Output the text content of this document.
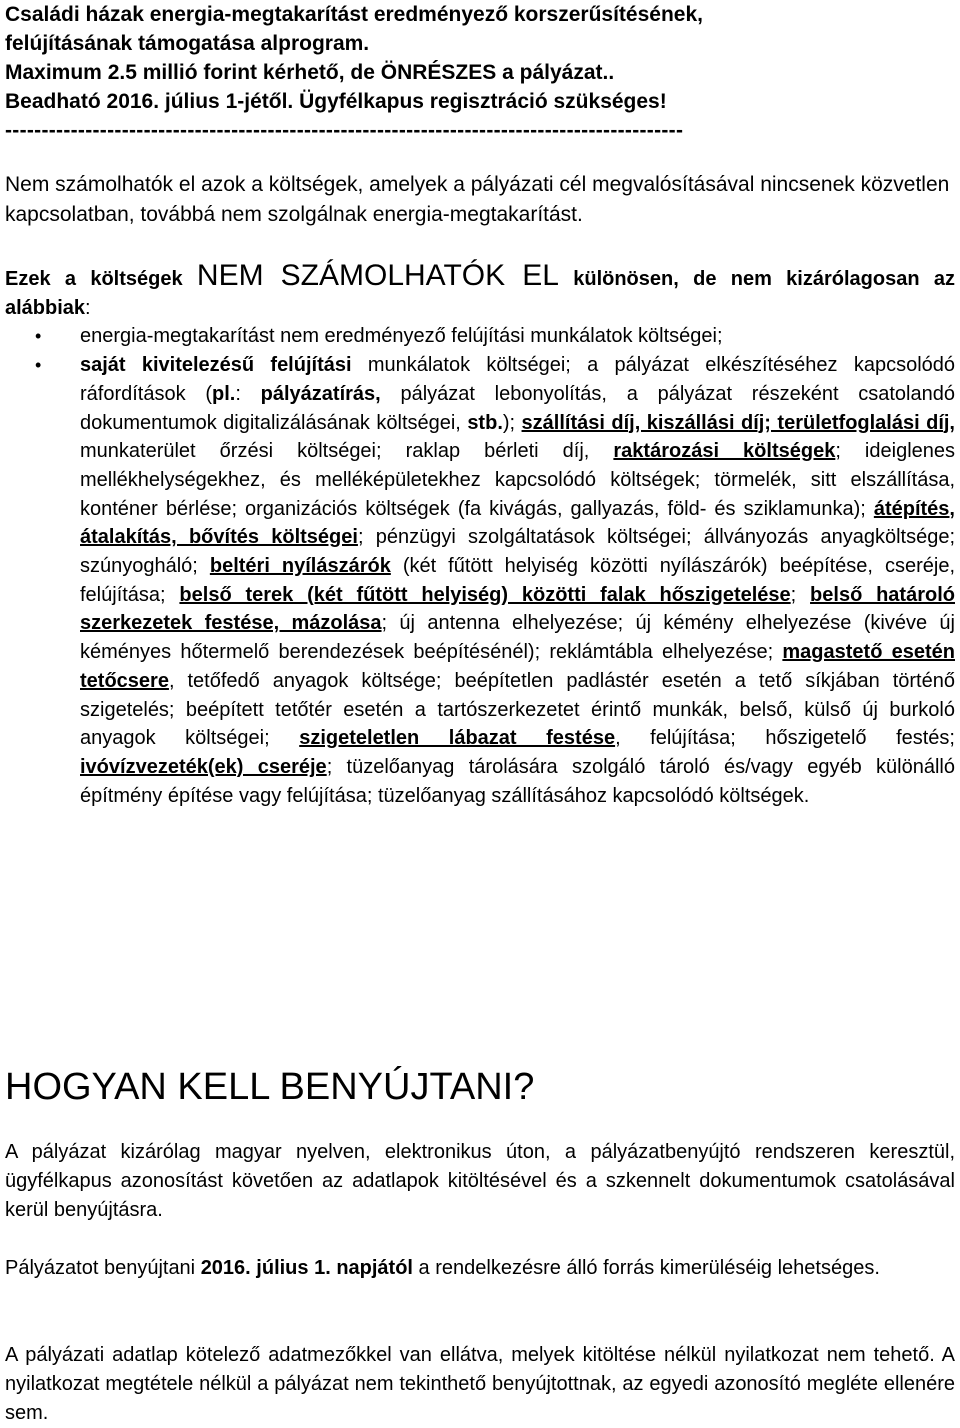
Családi házak energia-megtakarítást eredményező korszerűsítésének,
felújításának támogatása alprogram.
Maximum 2.5 millió forint kérhető, de ÖNRÉSZES a pályázat..
Beadható 2016. július 1-jétől. Ügyfélkapus regisztráció szükséges!
---------------------------------------------------------------------------------------------

Nem számolhatók el azok a költségek, amelyek a pályázati cél megvalósításával nincsenek közvetlen kapcsolatban, továbbá nem szolgálnak energia-megtakarítást.

Ezek a költségek NEM SZÁMOLHATÓK EL különösen, de nem kizárólagosan az alábbiak:

• energia-megtakarítást nem eredményező felújítási munkálatok költségei;
• saját kivitelezésű felújítási munkálatok költségei; a pályázat elkészítéséhez kapcsolódó ráfordítások (pl.: pályázatírás, pályázat lebonyolítás, a pályázat részeként csatolandó dokumentumok digitalizálásának költségei, stb.); szállítási díj, kiszállási díj; területfoglalási díj, munkaterület őrzési költségei; raklap bérleti díj, raktározási költségek; ideiglenes mellékhelységekhez, és melléképületekhez kapcsolódó költségek; törmelék, sitt elszállítása, konténer bérlése; organizációs költségek (fa kivágás, gallyazás, föld- és sziklamunka); átépítés, átalakítás, bővítés költségei; pénzügyi szolgáltatások költségei; állványozás anyagköltsége; szúnyogháló; beltéri nyílászárók (két fűtött helyiség közötti nyílászárók) beépítése, cseréje, felújítása; belső terek (két fűtött helyiség) közötti falak hőszigetelése; belső határoló szerkezetek festése, mázolása; új antenna elhelyezése; új kémény elhelyezése (kivéve új kéményes hőtermelő berendezések beépítésénél); reklámtábla elhelyezése; magastető esetén tetőcsere, tetőfedő anyagok költsége; beépítetlen padlástér esetén a tető síkjában történő szigetelés; beépített tetőtér esetén a tartószerkezetet érintő munkák, belső, külső új burkoló anyagok költségei; szigeteletlen lábazat festése, felújítása; hőszigetelő festés; ivóvízvezeték(ek) cseréje; tüzelőanyag tárolására szolgáló tároló és/vagy egyéb különálló építmény építése vagy felújítása; tüzelőanyag szállításához kapcsolódó költségek.
HOGYAN KELL BENYÚJTANI?

A pályázat kizárólag magyar nyelven, elektronikus úton, a pályázatbenyújtó rendszeren keresztül, ügyfélkapus azonosítást követően az adatlapok kitöltésével és a szkennelt dokumentumok csatolásával kerül benyújtásra.

Pályázatot benyújtani 2016. július 1. napjától a rendelkezésre álló forrás kimerüléséig lehetséges.

A pályázati adatlap kötelező adatmezőkkel van ellátva, melyek kitöltése nélkül nyilatkozat nem tehető. A nyilatkozat megtétele nélkül a pályázat nem tekinthető benyújtottnak, az egyedi azonosító megléte ellenére sem.
